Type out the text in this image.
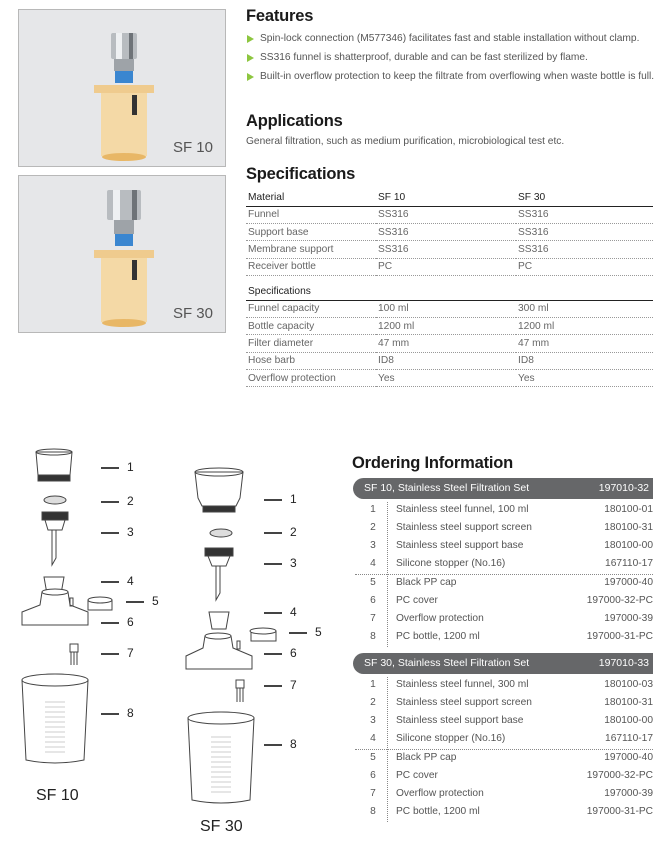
SF 10
SF 30
Features
Spin-lock connection (M577346) facilitates fast and stable installation without clamp.
SS316 funnel is shatterproof, durable and can be fast sterilized by flame.
Built-in overflow protection to keep the filtrate from overflowing when waste bottle is full.
Applications
General filtration, such as medium purification, microbiological test etc.
Specifications
Material	SF 10	SF 30
Funnel	SS316	SS316
Support base	SS316	SS316
Membrane support	SS316	SS316
Receiver bottle	PC	PC
Specifications		
Funnel capacity	100 ml	300 ml
Bottle capacity	1200 ml	1200 ml
Filter diameter	47 mm	47 mm
Hose barb	ID8	ID8
Overflow protection	Yes	Yes
1
2
3
4
5
6
7
8
SF 10
1
2
3
4
5
6
7
8
SF 30
Ordering Information
SF 10, Stainless Steel Filtration Set	197010-32
1	Stainless steel funnel, 100 ml	180100-01
2	Stainless steel support screen	180100-31
3	Stainless steel support base	180100-00
4	Silicone stopper (No.16)	167110-17
5	Black PP cap	197000-40
6	PC cover	197000-32-PC
7	Overflow protection	197000-39
8	PC bottle, 1200 ml	197000-31-PC
SF 30, Stainless Steel Filtration Set	197010-33
1	Stainless steel funnel, 300 ml	180100-03
2	Stainless steel support screen	180100-31
3	Stainless steel support base	180100-00
4	Silicone stopper (No.16)	167110-17
5	Black PP cap	197000-40
6	PC cover	197000-32-PC
7	Overflow protection	197000-39
8	PC bottle, 1200 ml	197000-31-PC
